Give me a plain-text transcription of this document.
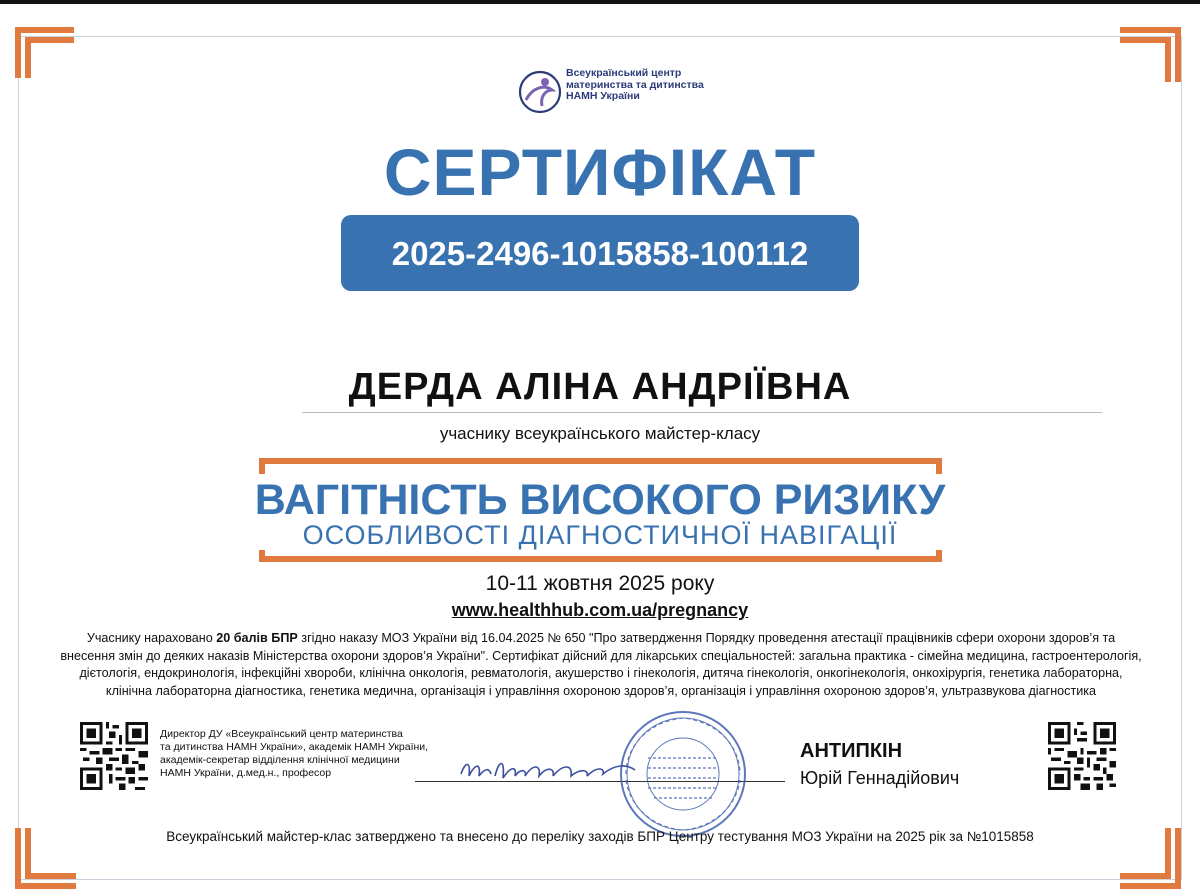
Всеукраїнський центр
материнства та дитинства
НАМН України
СЕРТИФІКАТ
2025-2496-1015858-100112
ДЕРДА АЛІНА АНДРІЇВНА
учаснику всеукраїнського майстер-класу
ВАГІТНІСТЬ ВИСОКОГО РИЗИКУ
ОСОБЛИВОСТІ ДІАГНОСТИЧНОЇ НАВІГАЦІЇ
10-11 жовтня 2025 року
www.healthhub.com.ua/pregnancy
Учаснику нараховано 20 балів БПР згідно наказу МОЗ України від 16.04.2025 № 650 "Про затвердження Порядку проведення атестації працівників сфери охорони здоров’я та внесення змін до деяких наказів Міністерства охорони здоров’я України". Сертифікат дійсний для лікарських спеціальностей: загальна практика - сімейна медицина, гастроентерологія, дієтологія, ендокринологія, інфекційні хвороби, клінічна онкологія, ревматологія, акушерство і гінекологія, дитяча гінекологія, онкогінекологія, онкохірургія, генетика лабораторна, клінічна лабораторна діагностика, генетика медична, організація і управління охороною здоров’я, організація і управління охороною здоров’я, ультразвукова діагностика
Директор ДУ «Всеукраїнський центр материнства
та дитинства НАМН України», академік НАМН України,
академік-секретар відділення клінічної медицини
НАМН України, д.мед.н., професор
АНТИПКІН
Юрій Геннадійович
Всеукраїнський майстер-клас затверджено та внесено до переліку заходів БПР Центру тестування МОЗ України на 2025 рік за №1015858
